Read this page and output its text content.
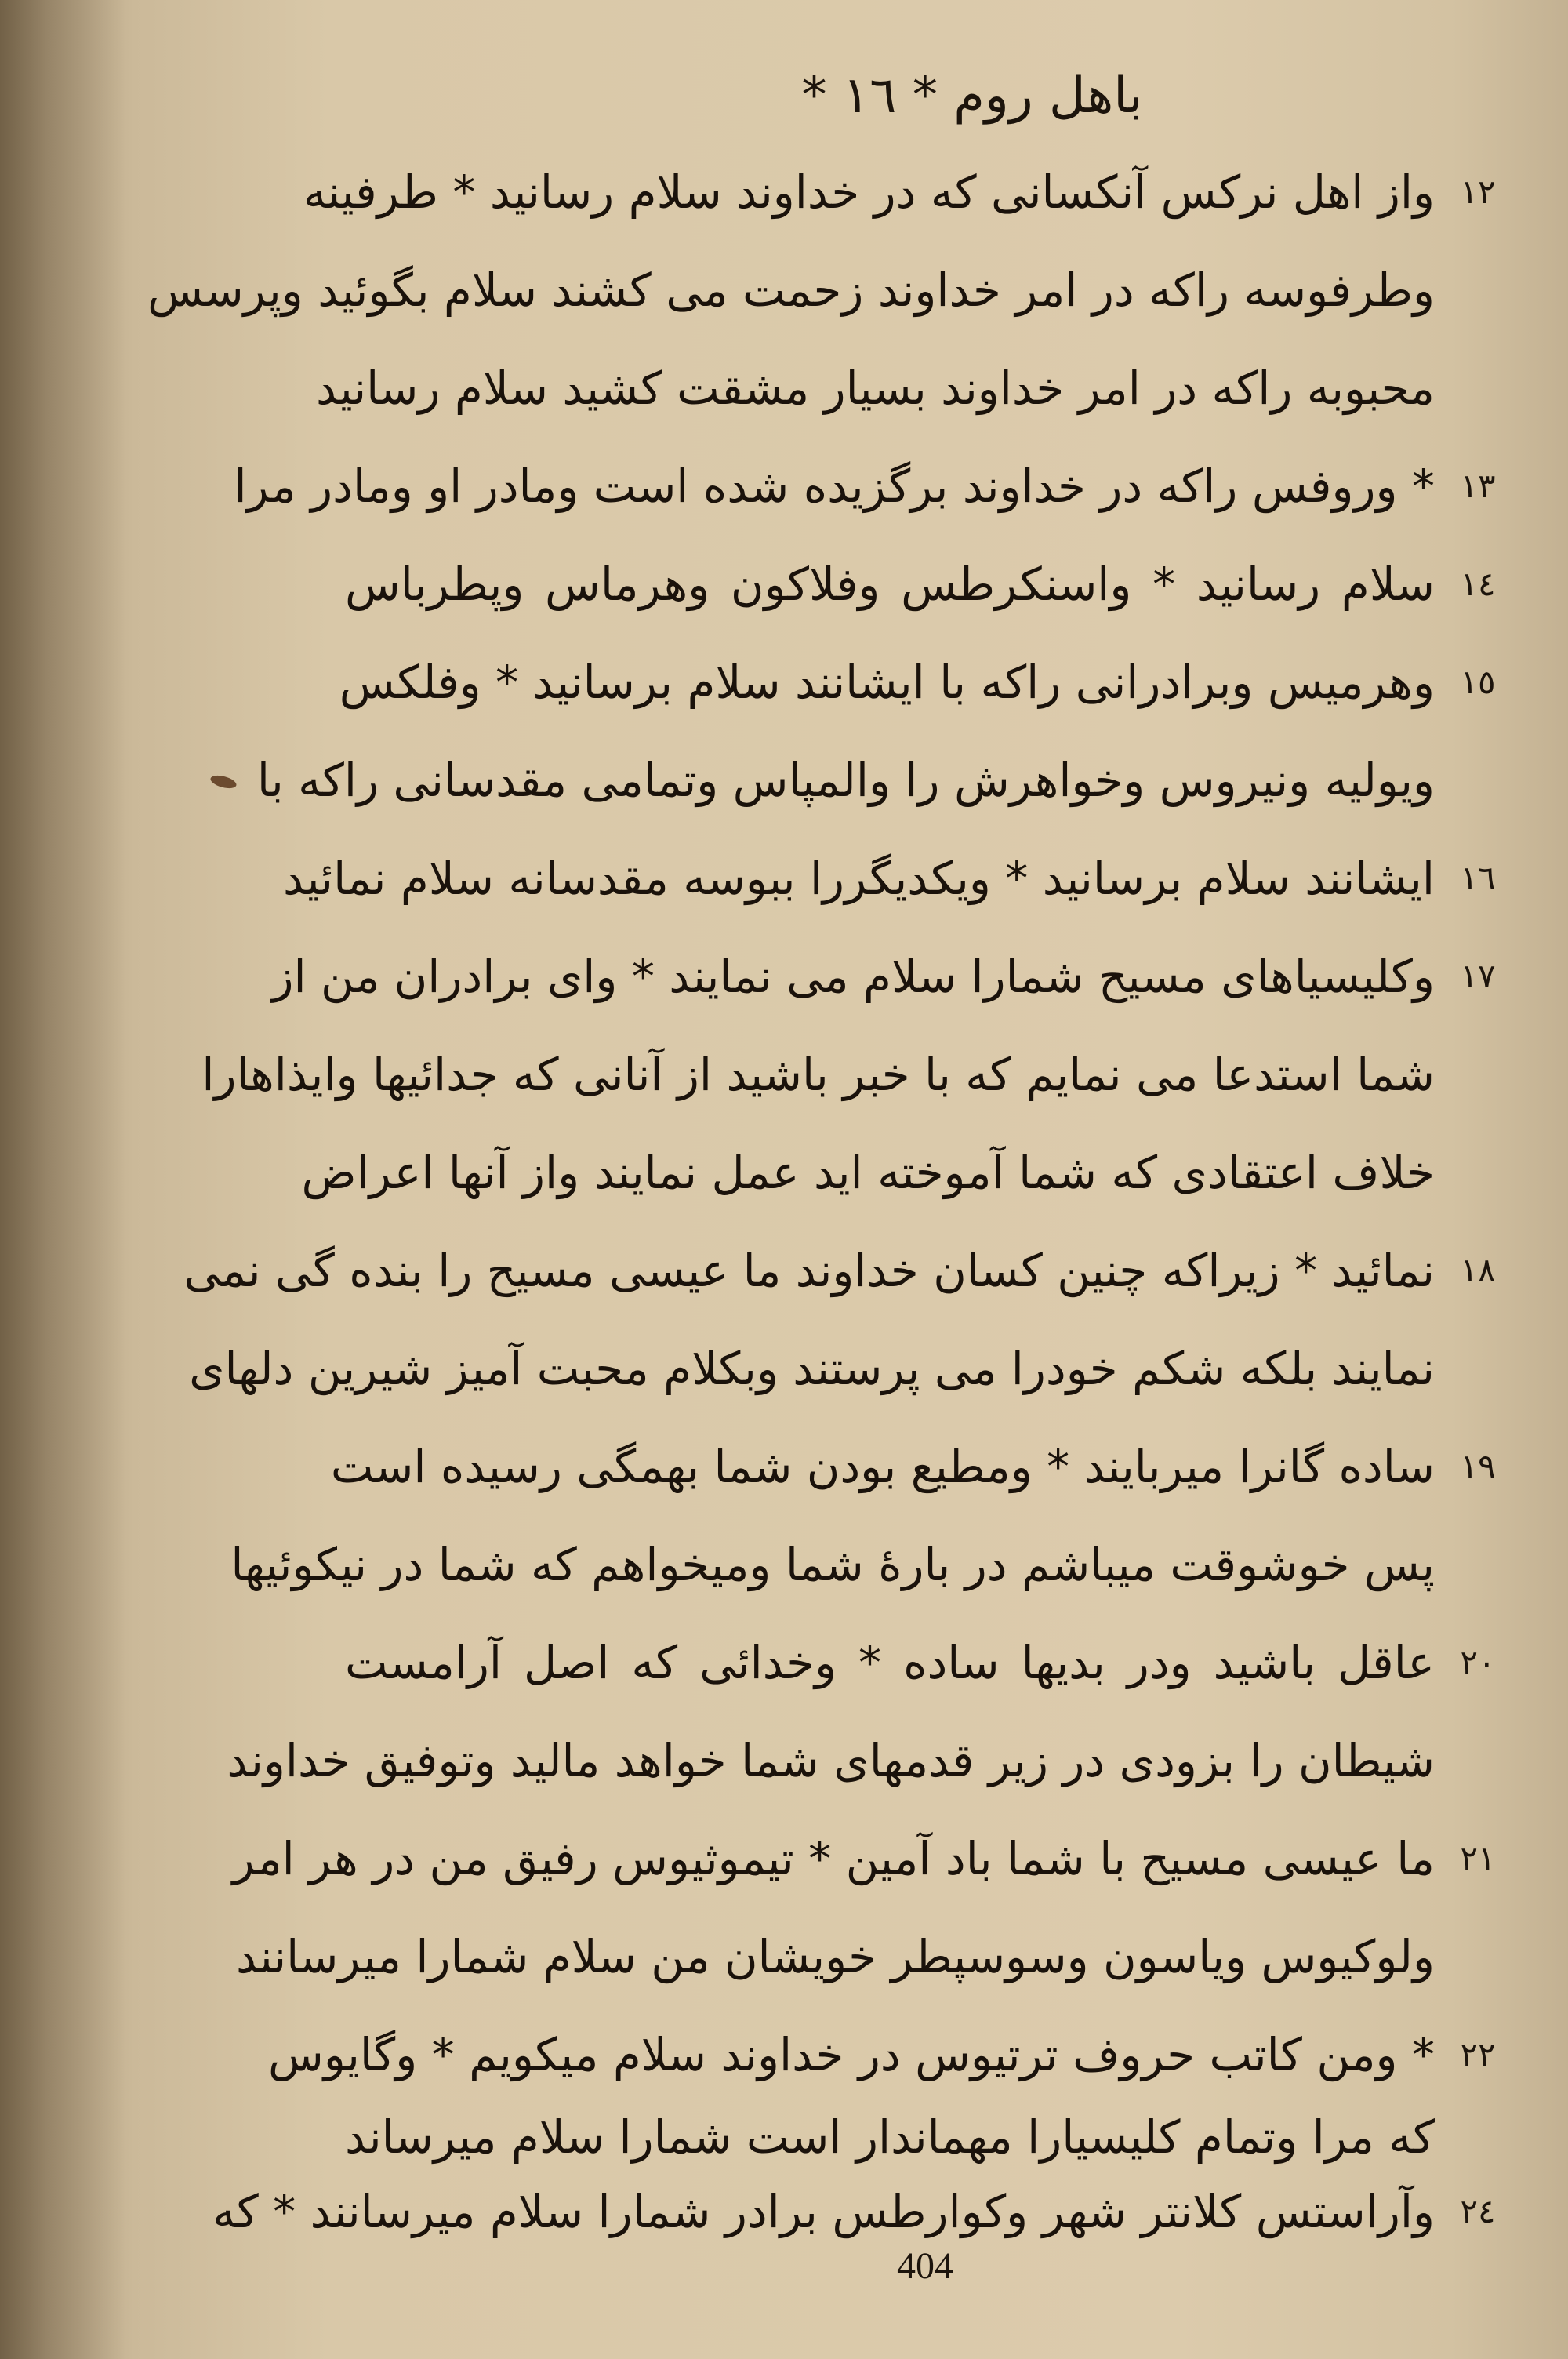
باهل روم * ١٦ *
واز اهل نرکس آنکسانی که در خداوند سلام رسانید * طرفینه ١٢
وطرفوسه راکه در امر خداوند زحمت می کشند سلام بگوئید وپرسس
محبوبه راکه در امر خداوند بسیار مشقت کشید سلام رسانید
* وروفس راکه در خداوند برگزیده شده است ومادر او ومادر مرا ١٣
سلام رسانید * واسنکرطس وفلاکون وهرماس وپطرباس ١٤
وهرمیس وبرادرانی راکه با ایشانند سلام برسانید * وفلکس ١٥
ویولیه ونیروس وخواهرش را والمپاس وتمامی مقدسانی راکه با
ایشانند سلام برسانید * ویکدیگررا ببوسه مقدسانه سلام نمائید ١٦
وکلیسیاهای مسیح شمارا سلام می نمایند * وای برادران من از ١٧
شما استدعا می نمایم که با خبر باشید از آنانی که جدائیها وایذاهارا
خلاف اعتقادی که شما آموخته اید عمل نمایند واز آنها اعراض
نمائید * زیراکه چنین کسان خداوند ما عیسی مسیح را بنده گی نمی ١٨
نمایند بلکه شکم خودرا می پرستند وبکلام محبت آمیز شیرین دلهای
ساده گانرا میربایند * ومطیع بودن شما بهمگی رسیده است ١٩
پس خوشوقت میباشم در بارهٔ شما ومیخواهم که شما در نیکوئیها
عاقل باشید ودر بدیها ساده * وخدائی که اصل آرامست ٢٠
شیطان را بزودی در زیر قدمهای شما خواهد مالید وتوفیق خداوند
ما عیسی مسیح با شما باد آمین * تیموثیوس رفیق من در هر امر ٢١
ولوکیوس ویاسون وسوسپطر خویشان من سلام شمارا میرسانند
* ومن کاتب حروف ترتیوس در خداوند سلام میکویم * وگایوس ٢٢
که مرا وتمام کلیسیارا مهماندار است شمارا سلام میرساند
وآراستس کلانتر شهر وکوارطس برادر شمارا سلام میرسانند * که ٢٤
404
